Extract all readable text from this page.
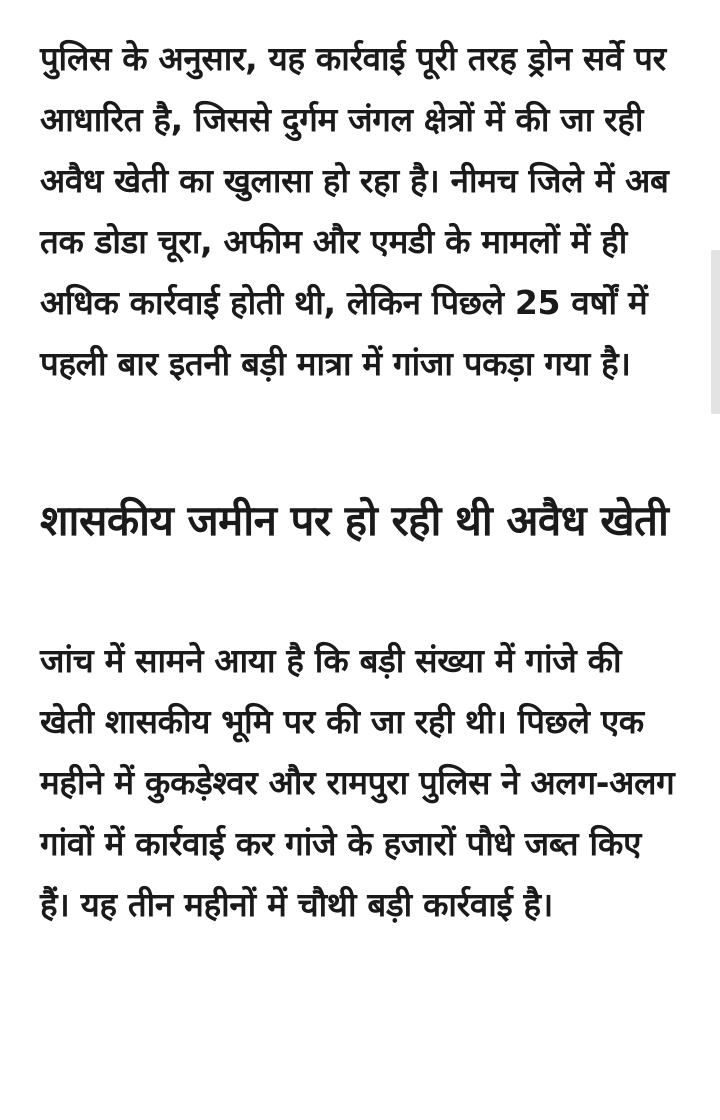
पुलिस के अनुसार, यह कार्रवाई पूरी तरह ड्रोन सर्वे पर आधारित है, जिससे दुर्गम जंगल क्षेत्रों में की जा रही अवैध खेती का खुलासा हो रहा है। नीमच जिले में अब तक डोडा चूरा, अफीम और एमडी के मामलों में ही अधिक कार्रवाई होती थी, लेकिन पिछले 25 वर्षों में पहली बार इतनी बड़ी मात्रा में गांजा पकड़ा गया है।

शासकीय जमीन पर हो रही थी अवैध खेती

जांच में सामने आया है कि बड़ी संख्या में गांजे की खेती शासकीय भूमि पर की जा रही थी। पिछले एक महीने में कुकड़ेश्वर और रामपुरा पुलिस ने अलग-अलग गांवों में कार्रवाई कर गांजे के हजारों पौधे जब्त किए हैं। यह तीन महीनों में चौथी बड़ी कार्रवाई है।
